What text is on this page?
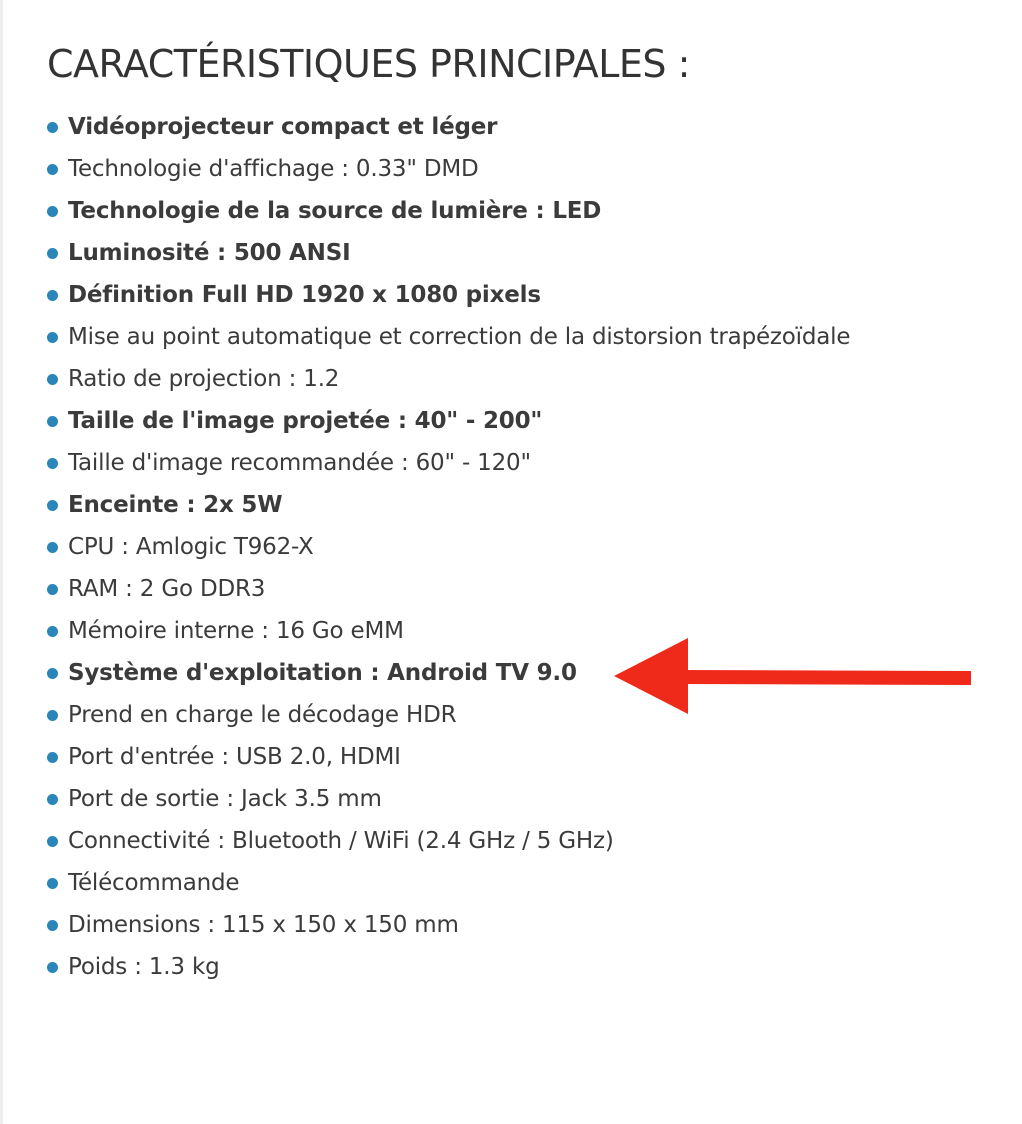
CARACTÉRISTIQUES PRINCIPALES :
Vidéoprojecteur compact et léger
Technologie d'affichage : 0.33" DMD
Technologie de la source de lumière : LED
Luminosité : 500 ANSI
Définition Full HD 1920 x 1080 pixels
Mise au point automatique et correction de la distorsion trapézoïdale
Ratio de projection : 1.2
Taille de l'image projetée : 40" - 200"
Taille d'image recommandée : 60" - 120"
Enceinte : 2x 5W
CPU : Amlogic T962-X
RAM : 2 Go DDR3
Mémoire interne : 16 Go eMM
Système d'exploitation : Android TV 9.0
Prend en charge le décodage HDR
Port d'entrée : USB 2.0, HDMI
Port de sortie : Jack 3.5 mm
Connectivité : Bluetooth / WiFi (2.4 GHz / 5 GHz)
Télécommande
Dimensions : 115 x 150 x 150 mm
Poids : 1.3 kg
